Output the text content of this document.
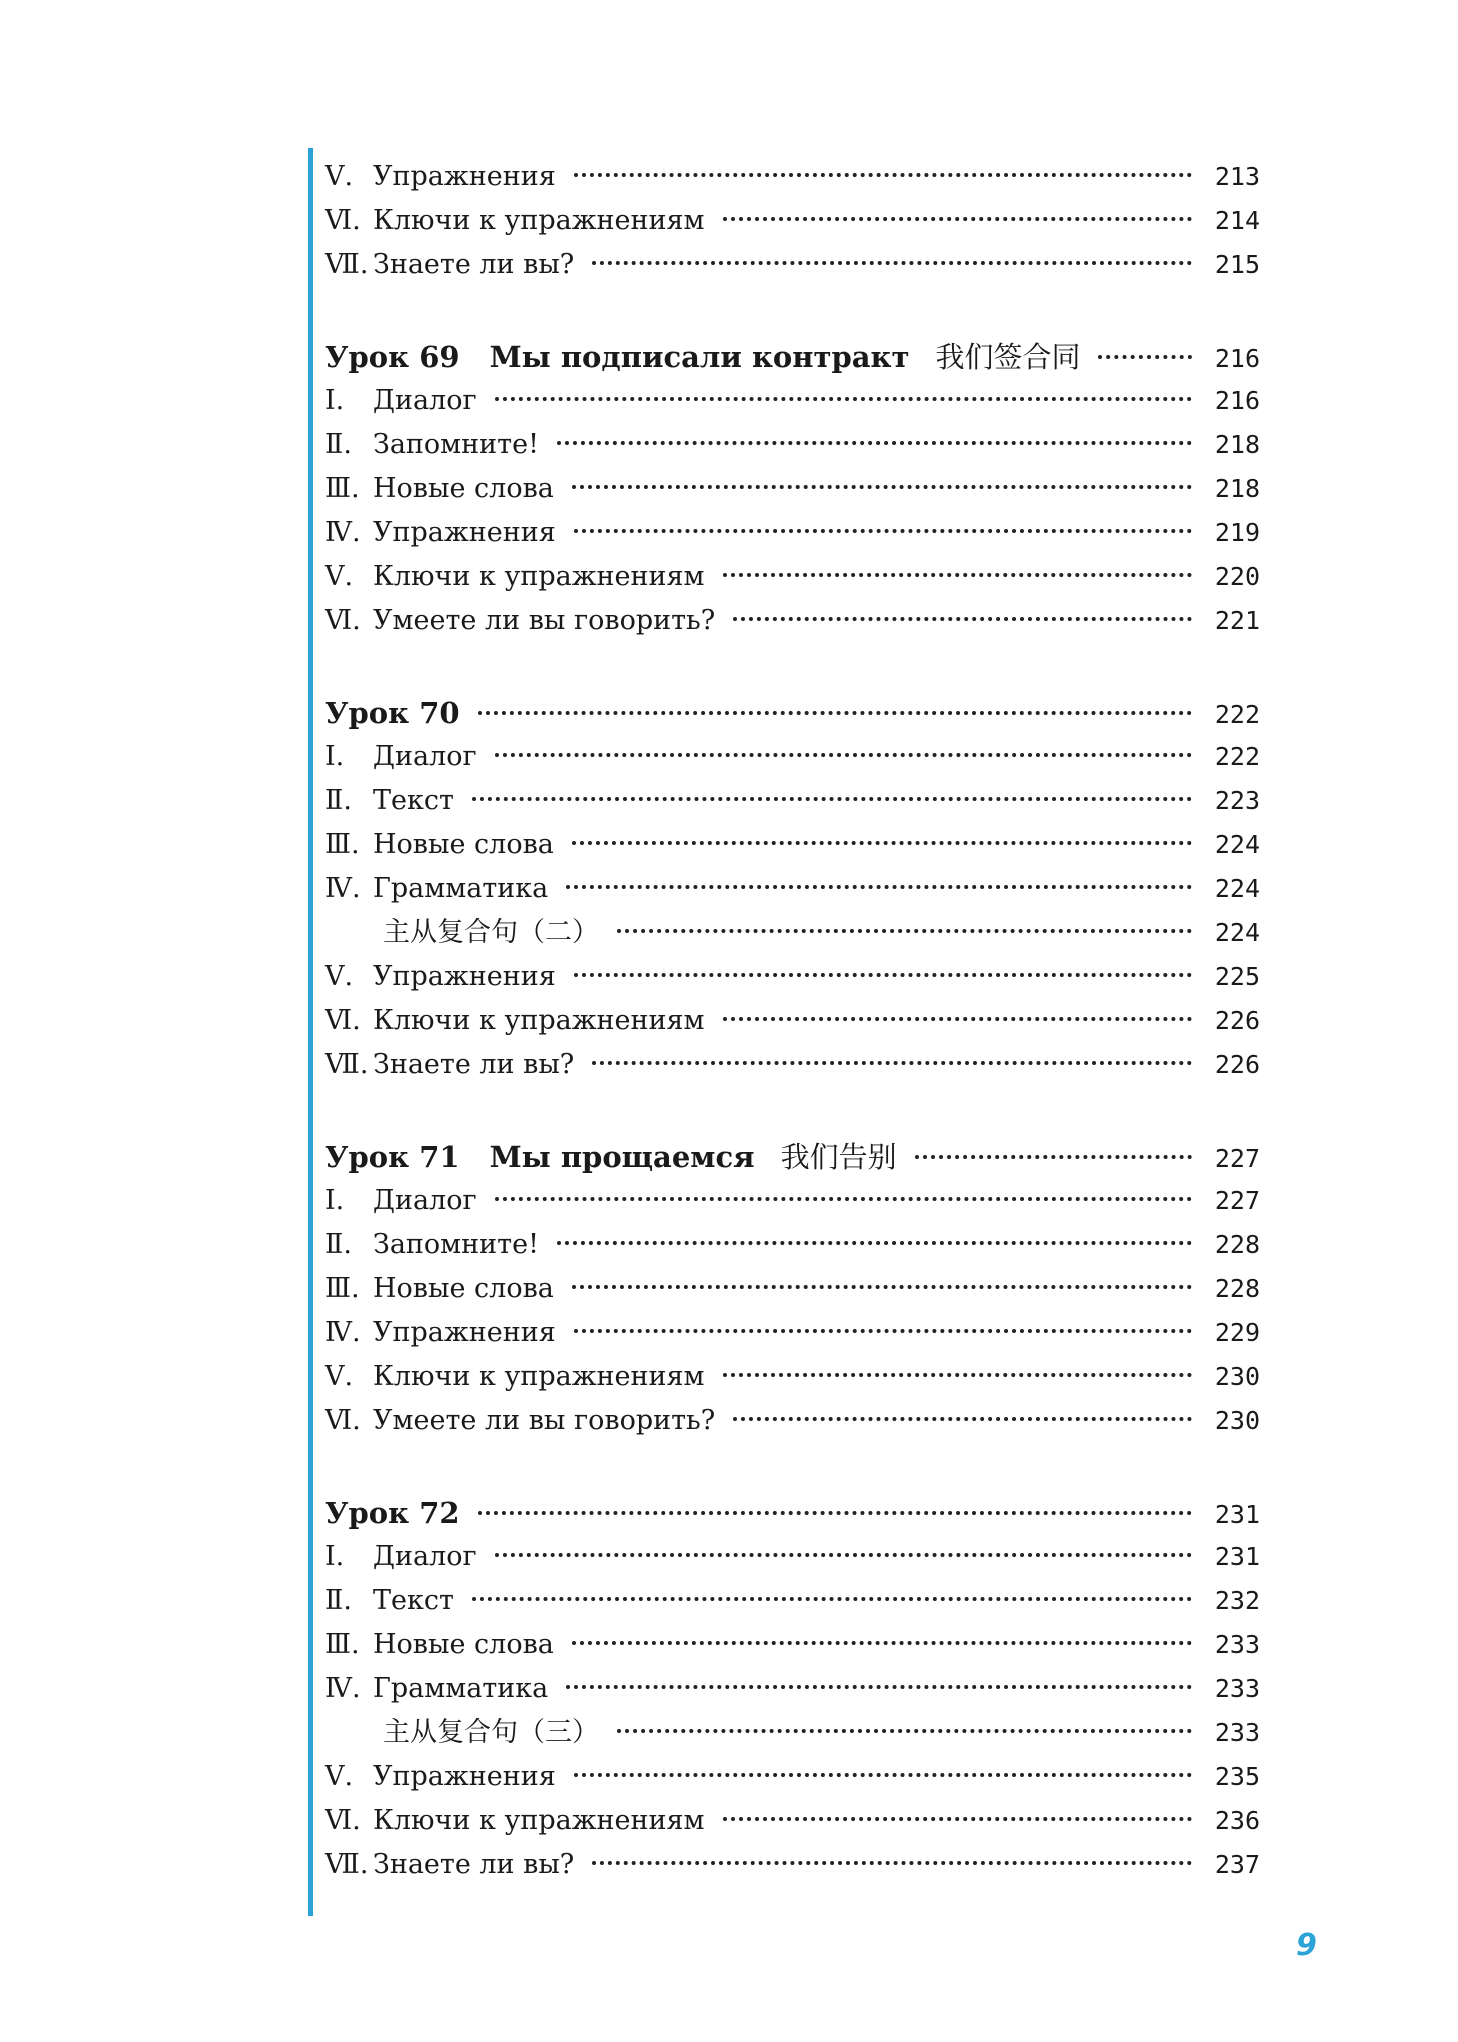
Ⅴ. Упражнения	213
Ⅵ. Ключи к упражнениям	214
Ⅶ. Знаете ли вы?	215
Урок 69 Мы подписали контракт 我们签合同	216
Ⅰ.	Диалог	216
Ⅱ. Запомните!	218
Ⅲ. Новые слова	218
Ⅳ. Упражнения	219
Ⅴ. Ключи к упражнениям	220
Ⅵ. Умеете ли вы говорить?	221
Урок 70	222
Ⅰ.	Диалог	222
Ⅱ. Текст	223
Ⅲ. Новые слова	224
Ⅳ. Грамматика	224
主从复合句（二）	224
Ⅴ. Упражнения	225
Ⅵ. Ключи к упражнениям	226
Ⅶ. Знаете ли вы?	226
Урок 71 Мы прощаемся 我们告别	227
Ⅰ.	Диалог	227
Ⅱ. Запомните!	228
Ⅲ. Новые слова	228
Ⅳ. Упражнения	229
Ⅴ. Ключи к упражнениям	230
Ⅵ. Умеете ли вы говорить?	230
Урок 72	231
Ⅰ.	Диалог	231
Ⅱ. Текст	232
Ⅲ. Новые слова	233
Ⅳ. Грамматика	233
主从复合句（三）	233
Ⅴ. Упражнения	235
Ⅵ. Ключи к упражнениям	236
Ⅶ. Знаете ли вы?	237
9
